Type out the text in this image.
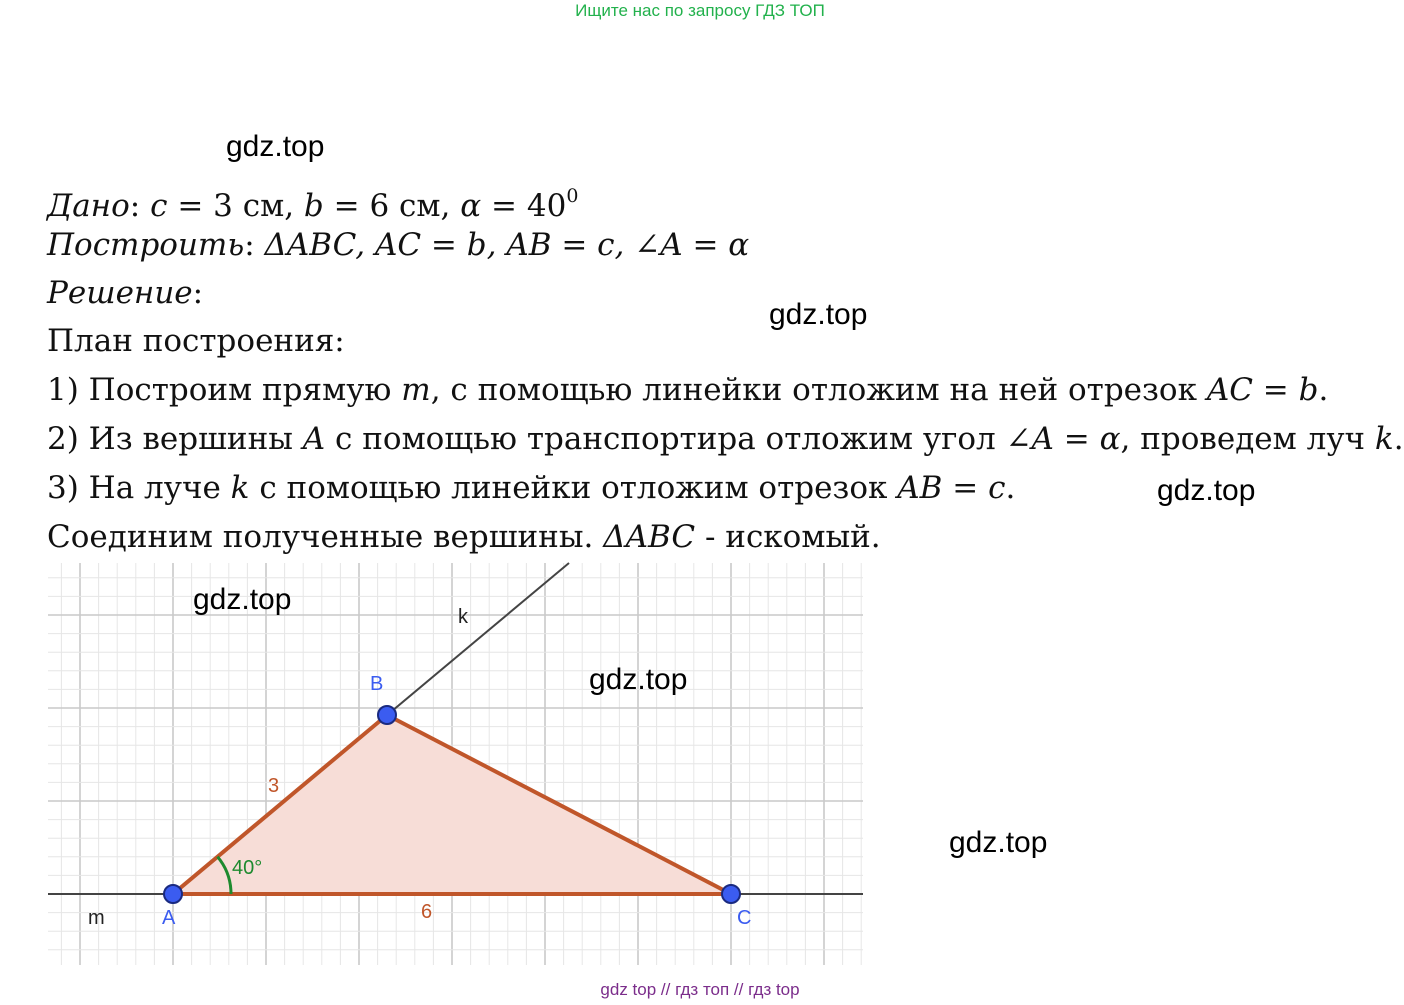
Ищите нас по запросу ГДЗ ТОП
gdz.top
gdz.top
gdz.top
Дано: c = 3 см, b = 6 см, $\alpha = 40^0$
Построить: ΔABC, AC = b, AB = c, ∠A = α
Решение:
План построения:
1) Построим прямую m, с помощью линейки отложим на ней отрезок AC = b.
2) Из вершины A с помощью транспортира отложим угол ∠A = α, проведем луч k.
3) На луче k с помощью линейки отложим отрезок AB = c.
Соединим полученные вершины. ΔABC - искомый.
A
B
C
m
k
3
6
40°
gdz.top
gdz.top
gdz.top
gdz top // гдз топ // гдз top
